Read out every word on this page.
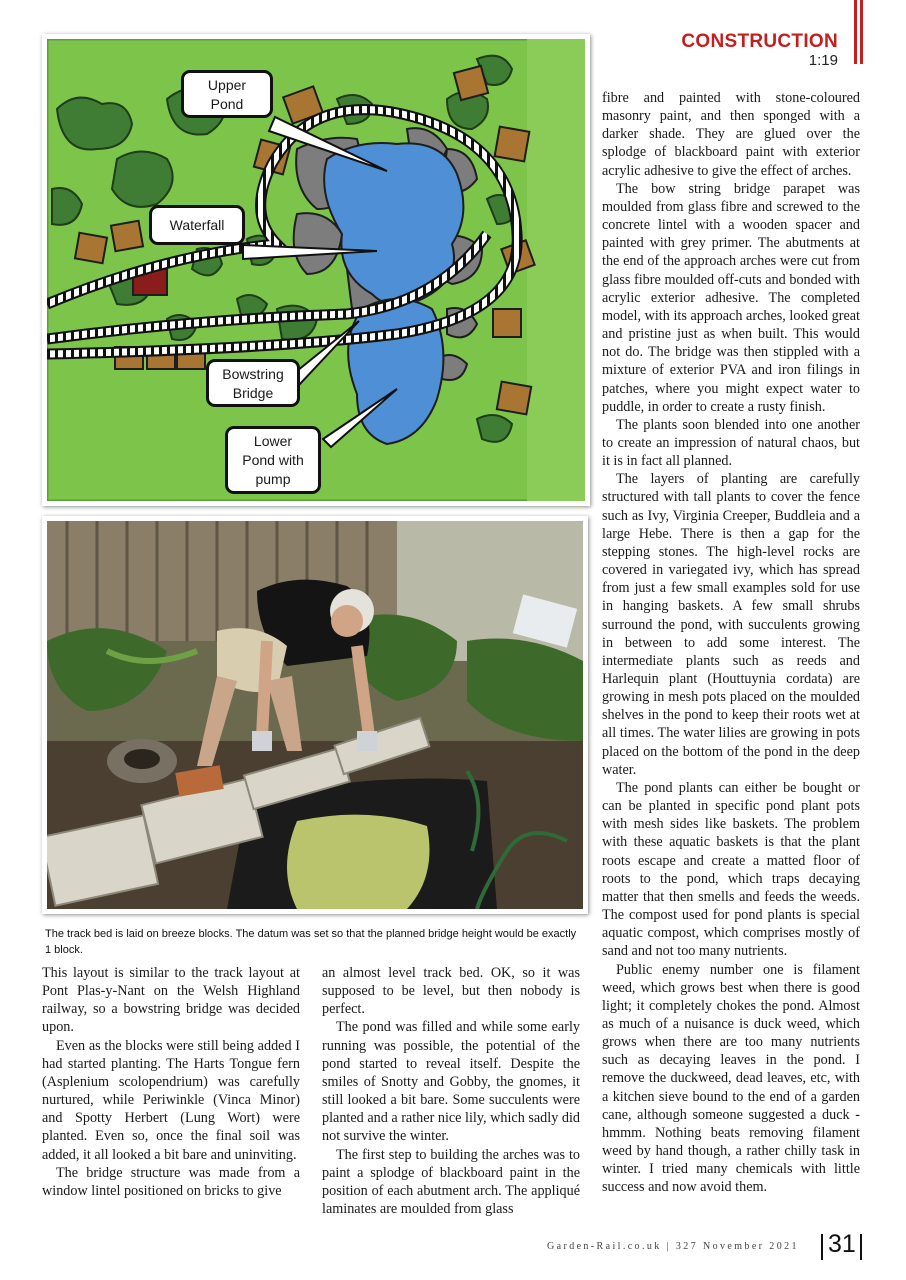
CONSTRUCTION
1:19
Upper
Pond
Waterfall
Bowstring
Bridge
Lower
Pond with
pump

The track bed is laid on breeze blocks. The datum was set so that the planned bridge height would be exactly 1 block.

This layout is similar to the track layout at Pont Plas-y-Nant on the Welsh Highland railway, so a bowstring bridge was decided upon.

Even as the blocks were still being added I had started planting. The Harts Tongue fern (Asplenium scolopendrium) was carefully nurtured, while Periwinkle (Vinca Minor) and Spotty Herbert (Lung Wort) were planted. Even so, once the final soil was added, it all looked a bit bare and uninviting.

The bridge structure was made from a window lintel positioned on bricks to give

an almost level track bed. OK, so it was supposed to be level, but then nobody is perfect.

The pond was filled and while some early running was possible, the potential of the pond started to reveal itself. Despite the smiles of Snotty and Gobby, the gnomes, it still looked a bit bare. Some succulents were planted and a rather nice lily, which sadly did not survive the winter.

The first step to building the arches was to paint a splodge of blackboard paint in the position of each abutment arch. The appliqué laminates are moulded from glass

fibre and painted with stone-coloured masonry paint, and then sponged with a darker shade. They are glued over the splodge of blackboard paint with exterior acrylic adhesive to give the effect of arches.

The bow string bridge parapet was moulded from glass fibre and screwed to the concrete lintel with a wooden spacer and painted with grey primer. The abutments at the end of the approach arches were cut from glass fibre moulded off-cuts and bonded with acrylic exterior adhesive. The completed model, with its approach arches, looked great and pristine just as when built. This would not do. The bridge was then stippled with a mixture of exterior PVA and iron filings in patches, where you might expect water to puddle, in order to create a rusty finish.

The plants soon blended into one another to create an impression of natural chaos, but it is in fact all planned.

The layers of planting are carefully structured with tall plants to cover the fence such as Ivy, Virginia Creeper, Buddleia and a large Hebe. There is then a gap for the stepping stones. The high-level rocks are covered in variegated ivy, which has spread from just a few small examples sold for use in hanging baskets. A few small shrubs surround the pond, with succulents growing in between to add some interest. The intermediate plants such as reeds and Harlequin plant (Houttuynia cordata) are growing in mesh pots placed on the moulded shelves in the pond to keep their roots wet at all times. The water lilies are growing in pots placed on the bottom of the pond in the deep water.

The pond plants can either be bought or can be planted in specific pond plant pots with mesh sides like baskets. The problem with these aquatic baskets is that the plant roots escape and create a matted floor of roots to the pond, which traps decaying matter that then smells and feeds the weeds. The compost used for pond plants is special aquatic compost, which comprises mostly of sand and not too many nutrients.

Public enemy number one is filament weed, which grows best when there is good light; it completely chokes the pond. Almost as much of a nuisance is duck weed, which grows when there are too many nutrients such as decaying leaves in the pond. I remove the duckweed, dead leaves, etc, with a kitchen sieve bound to the end of a garden cane, although someone suggested a duck - hmmm. Nothing beats removing filament weed by hand though, a rather chilly task in winter. I tried many chemicals with little success and now avoid them.

Garden-Rail.co.uk | 327 November 2021 31
